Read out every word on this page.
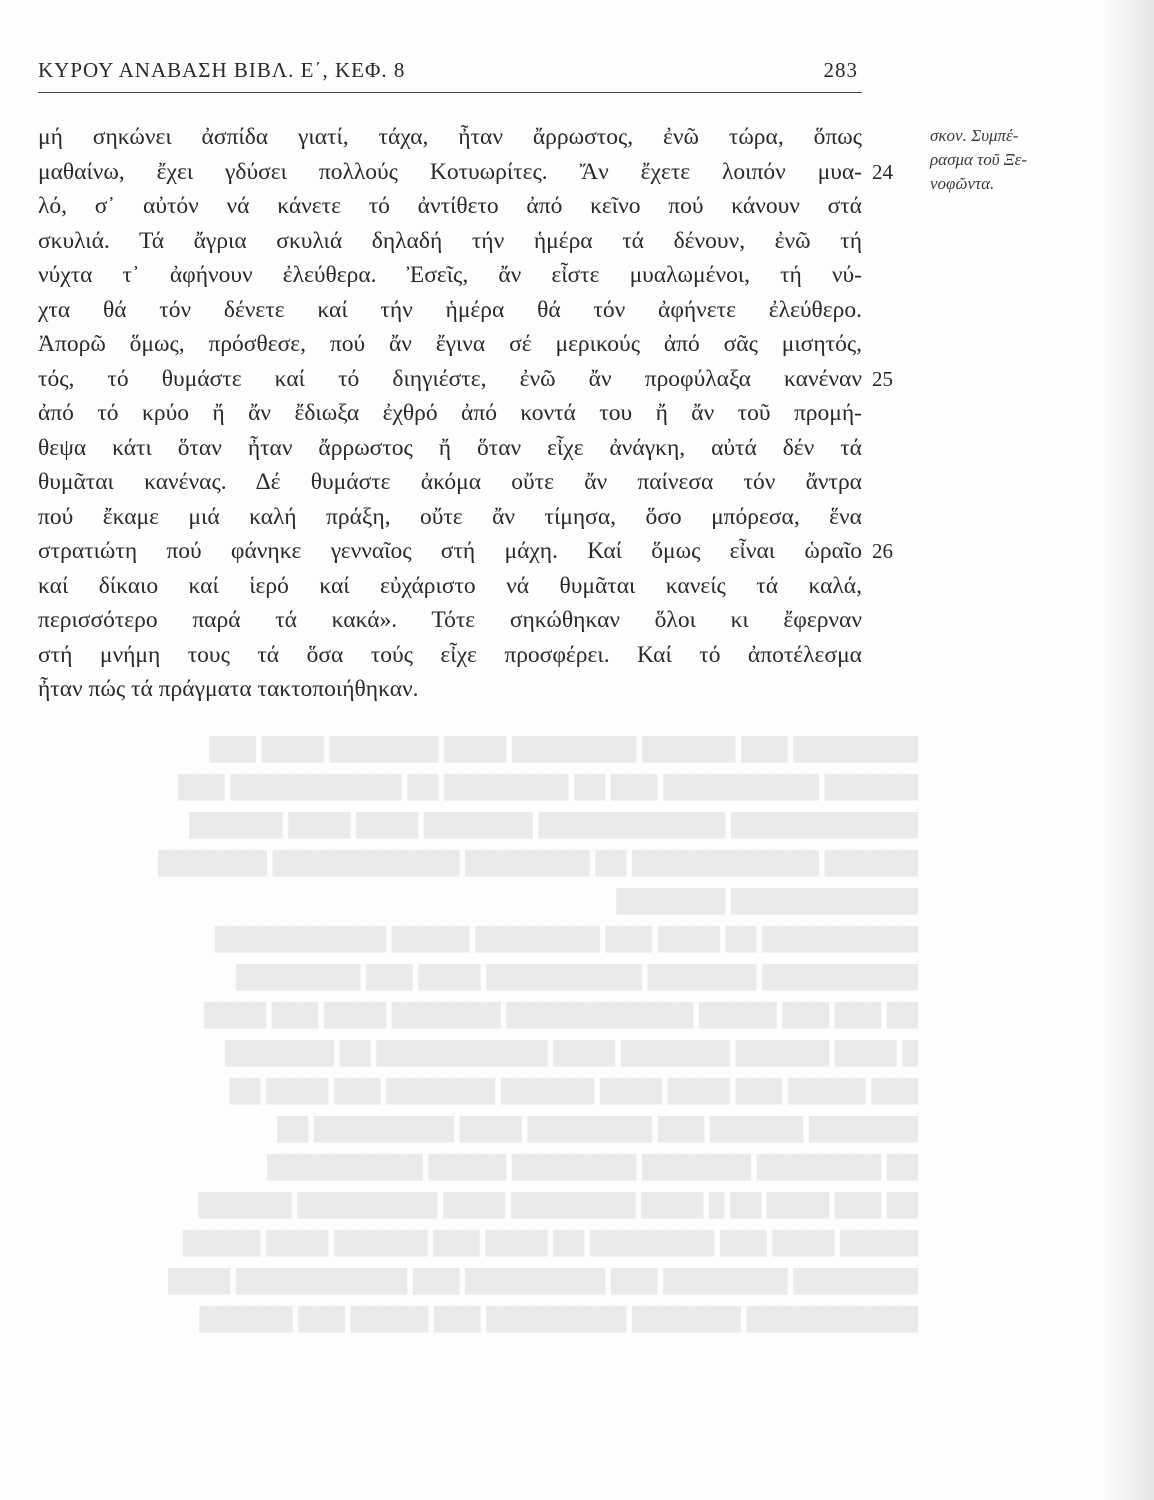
ΚΥΡΟΥ ΑΝΑΒΑΣΗ ΒΙΒΛ. Ε΄, ΚΕΦ. 8	283
μή σηκώνει ἀσπίδα γιατί, τάχα, ἦταν ἄρρωστος, ἐνῶ τώρα, ὅπως
μαθαίνω, ἔχει γδύσει πολλούς Κοτυωρίτες. Ἄν ἔχετε λοιπόν μυα-
λό, σ᾽ αὐτόν νά κάνετε τό ἀντίθετο ἀπό κεῖνο πού κάνουν στά
σκυλιά. Τά ἄγρια σκυλιά δηλαδή τήν ἡμέρα τά δένουν, ἐνῶ τή
νύχτα τ᾽ ἀφήνουν ἐλεύθερα. Ἐσεῖς, ἄν εἶστε μυαλωμένοι, τή νύ-
χτα θά τόν δένετε καί τήν ἡμέρα θά τόν ἀφήνετε ἐλεύθερο.
Ἀπορῶ ὅμως, πρόσθεσε, πού ἄν ἔγινα σέ μερικούς ἀπό σᾶς μισητός,
τός, τό θυμάστε καί τό διηγιέστε, ἐνῶ ἄν προφύλαξα κανέναν
ἀπό τό κρύο ἤ ἄν ἔδιωξα ἐχθρό ἀπό κοντά του ἤ ἄν τοῦ προμή-
θεψα κάτι ὅταν ἦταν ἄρρωστος ἤ ὅταν εἶχε ἀνάγκη, αὐτά δέν τά
θυμᾶται κανένας. Δέ θυμάστε ἀκόμα οὔτε ἄν παίνεσα τόν ἄντρα
πού ἔκαμε μιά καλή πράξη, οὔτε ἄν τίμησα, ὅσο μπόρεσα, ἕνα
στρατιώτη πού φάνηκε γενναῖος στή μάχη. Καί ὅμως εἶναι ὡραῖο
καί δίκαιο καί ἱερό καί εὐχάριστο νά θυμᾶται κανείς τά καλά,
περισσότερο παρά τά κακά». Τότε σηκώθηκαν ὅλοι κι ἔφερναν
στή μνήμη τους τά ὅσα τούς εἶχε προσφέρει. Καί τό ἀποτέλεσμα
ἦταν πώς τά πράγματα τακτοποιήθηκαν.
24
25
26
σκον. Συμπέ-
ρασμα τοῦ Ξε-
νοφῶντα.
████████ ███ ██████ ████████ ████ ███████ ████ ███
██████ ██████████ ███ ██ ████████ ██ ███████████ ███
████████████ ████████████ ███████ ████ ████ ██████
██████ ████████████ ██ ████████ ████████████ ███████
████████████ ███████
██████████ ██ ████ ███ ████████ █████ ███████████
██████████ ███████ ██████████ ████ ███ ████████
██ ███ ███ █████ ████████████ ███████ ████ ███ ████
█ ████ ██████ ███████ ████ ███████████ ██ ███████
███ █████ ███ ████ ████ ██████ ███████ ███ ████ ██
███████ ██████ ███ ████████ ████ █████████ ██
██ ████████ ███████ ████████ █████ ██████████
██ ███ ████ ██ █ ████ ████████ ████ █████████ ██████
█████ ████ ███ ████████ ██ ████ ███ ██████ ████ █████
████████ ████████ ███ █████████ ███ ███████████ ████
███████████ ███████ █████████ ███ █████ ███ ██████
